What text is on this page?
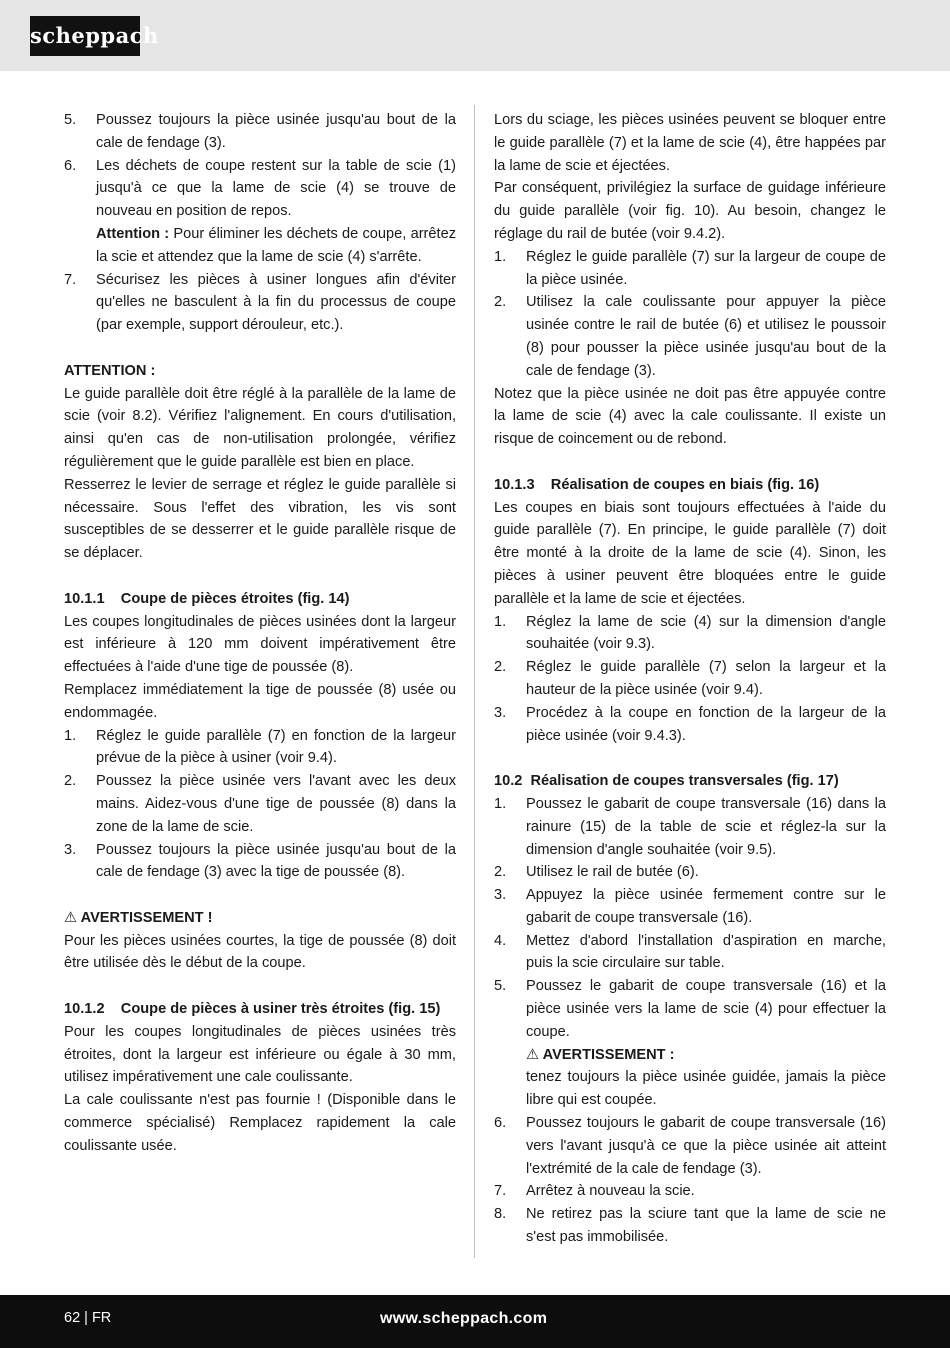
scheppach
5. Poussez toujours la pièce usinée jusqu'au bout de la cale de fendage (3).
6. Les déchets de coupe restent sur la table de scie (1) jusqu'à ce que la lame de scie (4) se trouve de nouveau en position de repos.
Attention : Pour éliminer les déchets de coupe, arrêtez la scie et attendez que la lame de scie (4) s'arrête.
7. Sécurisez les pièces à usiner longues afin d'éviter qu'elles ne basculent à la fin du processus de coupe (par exemple, support dérouleur, etc.).

ATTENTION :

Le guide parallèle doit être réglé à la parallèle de la lame de scie (voir 8.2). Vérifiez l'alignement. En cours d'utilisation, ainsi qu'en cas de non-utilisation prolongée, vérifiez régulièrement que le guide parallèle est bien en place.

Resserrez le levier de serrage et réglez le guide parallèle si nécessaire. Sous l'effet des vibration, les vis sont susceptibles de se desserrer et le guide parallèle risque de se déplacer.

10.1.1    Coupe de pièces étroites (fig. 14)

Les coupes longitudinales de pièces usinées dont la largeur est inférieure à 120 mm doivent impérativement être effectuées à l'aide d'une tige de poussée (8).

Remplacez immédiatement la tige de poussée (8) usée ou endommagée.

1. Réglez le guide parallèle (7) en fonction de la largeur prévue de la pièce à usiner (voir 9.4).
2. Poussez la pièce usinée vers l'avant avec les deux mains. Aidez-vous d'une tige de poussée (8) dans la zone de la lame de scie.
3. Poussez toujours la pièce usinée jusqu'au bout de la cale de fendage (3) avec la tige de poussée (8).

⚠ AVERTISSEMENT !

Pour les pièces usinées courtes, la tige de poussée (8) doit être utilisée dès le début de la coupe.

10.1.2    Coupe de pièces à usiner très étroites (fig. 15)

Pour les coupes longitudinales de pièces usinées très étroites, dont la largeur est inférieure ou égale à 30 mm, utilisez impérativement une cale coulissante.

La cale coulissante n'est pas fournie ! (Disponible dans le commerce spécialisé) Remplacez rapidement la cale coulissante usée.

Lors du sciage, les pièces usinées peuvent se bloquer entre le guide parallèle (7) et la lame de scie (4), être happées par la lame de scie et éjectées.

Par conséquent, privilégiez la surface de guidage inférieure du guide parallèle (voir fig. 10). Au besoin, changez le réglage du rail de butée (voir 9.4.2).

1. Réglez le guide parallèle (7) sur la largeur de coupe de la pièce usinée.
2. Utilisez la cale coulissante pour appuyer la pièce usinée contre le rail de butée (6) et utilisez le poussoir (8) pour pousser la pièce usinée jusqu'au bout de la cale de fendage (3).

Notez que la pièce usinée ne doit pas être appuyée contre la lame de scie (4) avec la cale coulissante. Il existe un risque de coincement ou de rebond.

10.1.3    Réalisation de coupes en biais (fig. 16)

Les coupes en biais sont toujours effectuées à l'aide du guide parallèle (7). En principe, le guide parallèle (7) doit être monté à la droite de la lame de scie (4). Sinon, les pièces à usiner peuvent être bloquées entre le guide parallèle et la lame de scie et éjectées.

1. Réglez la lame de scie (4) sur la dimension d'angle souhaitée (voir 9.3).
2. Réglez le guide parallèle (7) selon la largeur et la hauteur de la pièce usinée (voir 9.4).
3. Procédez à la coupe en fonction de la largeur de la pièce usinée (voir 9.4.3).

10.2  Réalisation de coupes transversales (fig. 17)

1. Poussez le gabarit de coupe transversale (16) dans la rainure (15) de la table de scie et réglez-la sur la dimension d'angle souhaitée (voir 9.5).
2. Utilisez le rail de butée (6).
3. Appuyez la pièce usinée fermement contre sur le gabarit de coupe transversale (16).
4. Mettez d'abord l'installation d'aspiration en marche, puis la scie circulaire sur table.
5. Poussez le gabarit de coupe transversale (16) et la pièce usinée vers la lame de scie (4) pour effectuer la coupe.
⚠ AVERTISSEMENT :
tenez toujours la pièce usinée guidée, jamais la pièce libre qui est coupée.
6. Poussez toujours le gabarit de coupe transversale (16) vers l'avant jusqu'à ce que la pièce usinée ait atteint l'extrémité de la cale de fendage (3).
7. Arrêtez à nouveau la scie.
8. Ne retirez pas la sciure tant que la lame de scie ne s'est pas immobilisée.
62 | FR	www.scheppach.com
